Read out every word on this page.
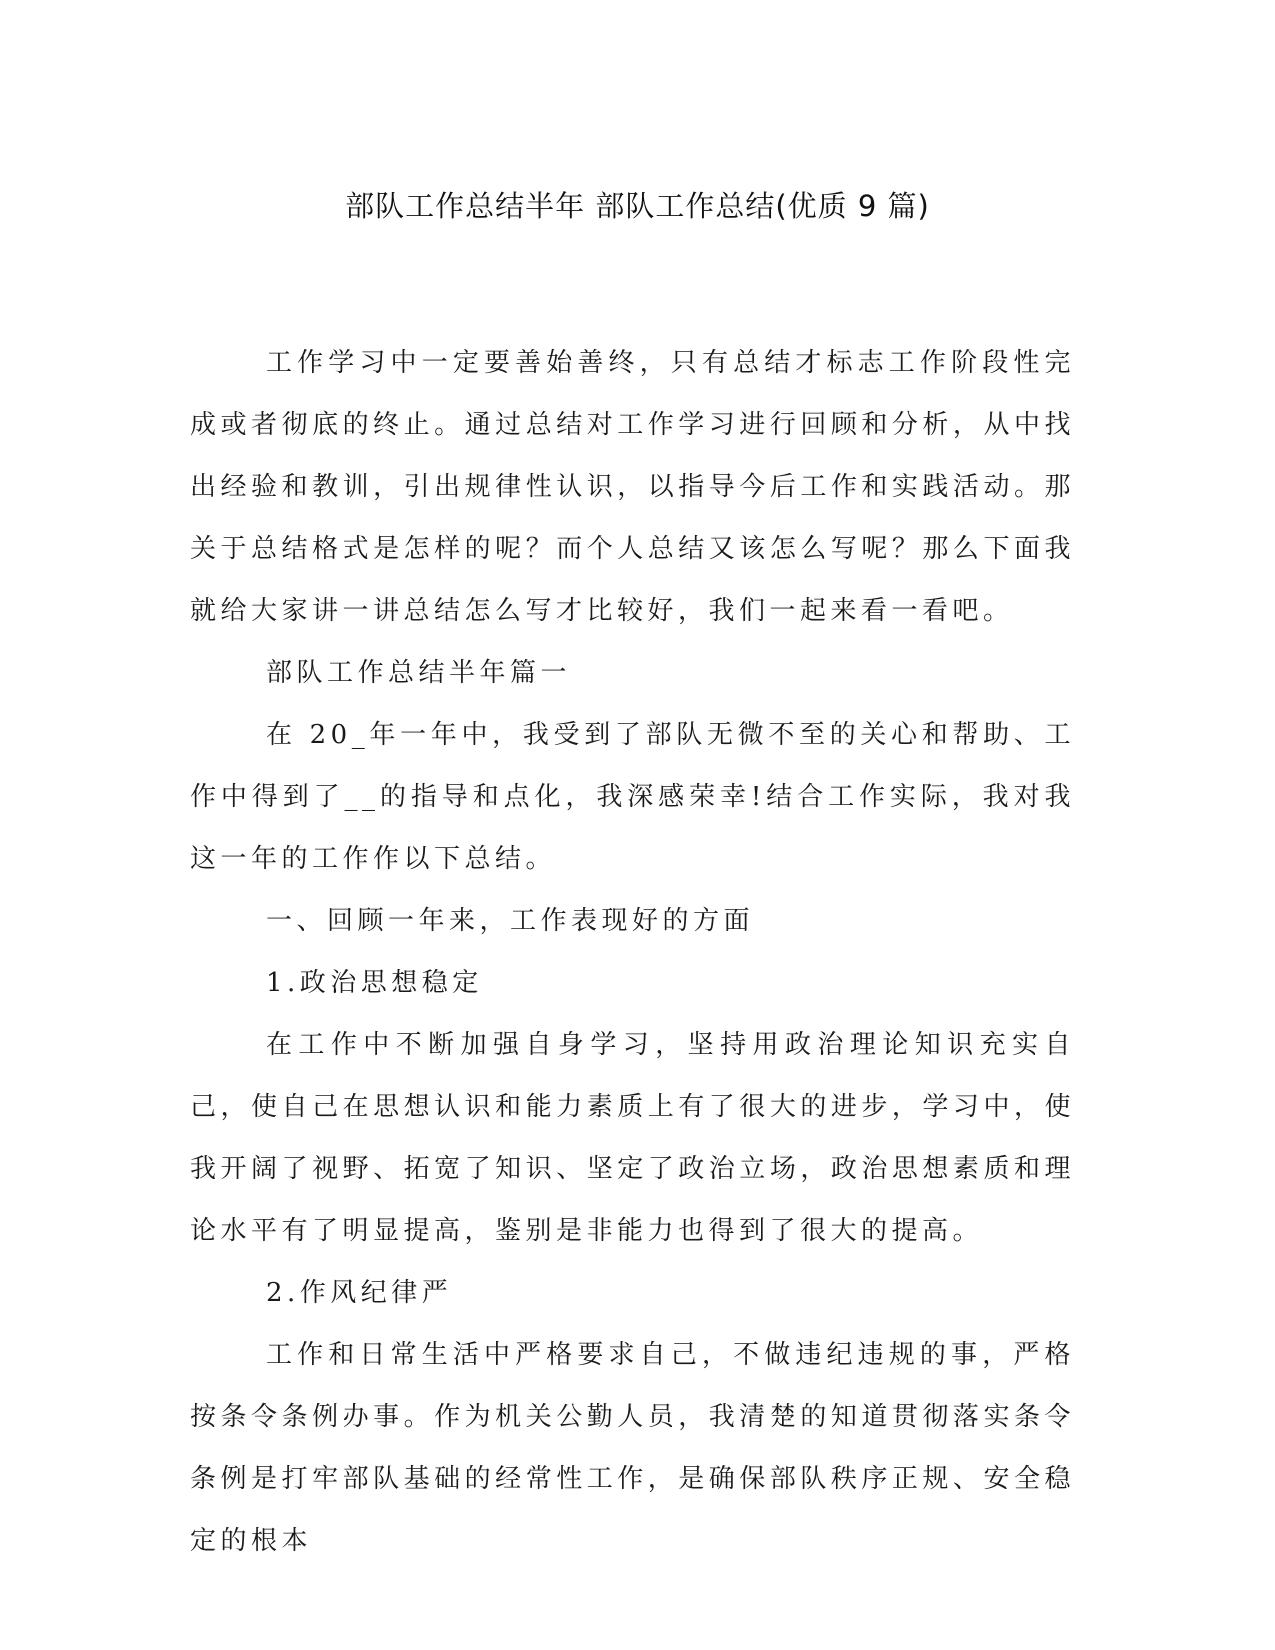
部队工作总结半年 部队工作总结(优质 9 篇)

工作学习中一定要善始善终，只有总结才标志工作阶段性完成或者彻底的终止。通过总结对工作学习进行回顾和分析，从中找出经验和教训，引出规律性认识，以指导今后工作和实践活动。那关于总结格式是怎样的呢？而个人总结又该怎么写呢？那么下面我就给大家讲一讲总结怎么写才比较好，我们一起来看一看吧。

部队工作总结半年篇一

在 20_年一年中，我受到了部队无微不至的关心和帮助、工作中得到了__的指导和点化，我深感荣幸!结合工作实际，我对我这一年的工作作以下总结。

一、回顾一年来，工作表现好的方面

1.政治思想稳定

在工作中不断加强自身学习，坚持用政治理论知识充实自己，使自己在思想认识和能力素质上有了很大的进步，学习中，使我开阔了视野、拓宽了知识、坚定了政治立场，政治思想素质和理论水平有了明显提高，鉴别是非能力也得到了很大的提高。

2.作风纪律严

工作和日常生活中严格要求自己，不做违纪违规的事，严格按条令条例办事。作为机关公勤人员，我清楚的知道贯彻落实条令条例是打牢部队基础的经常性工作，是确保部队秩序正规、安全稳定的根本
